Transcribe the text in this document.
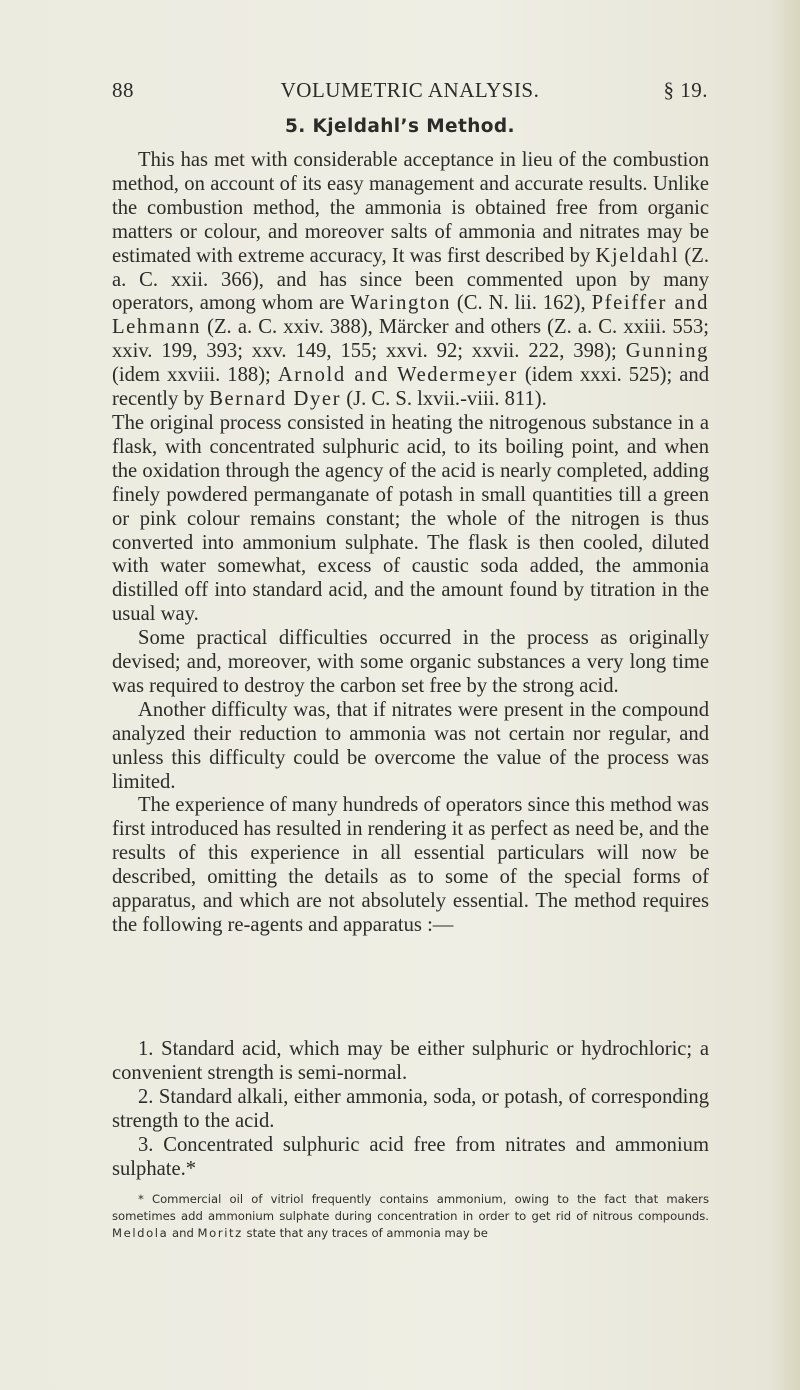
88	VOLUMETRIC ANALYSIS.	§ 19.
5. Kjeldahl’s Method.

This has met with considerable acceptance in lieu of the combustion method, on account of its easy management and accurate results. Unlike the combustion method, the ammonia is obtained free from organic matters or colour, and moreover salts of ammonia and nitrates may be estimated with extreme accuracy, It was first described by Kjeldahl (Z. a. C. xxii. 366), and has since been commented upon by many operators, among whom are Warington (C. N. lii. 162), Pfeiffer and Lehmann (Z. a. C. xxiv. 388), Märcker and others (Z. a. C. xxiii. 553; xxiv. 199, 393; xxv. 149, 155; xxvi. 92; xxvii. 222, 398); Gunning (idem xxviii. 188); Arnold and Wedermeyer (idem xxxi. 525); and recently by Bernard Dyer (J. C. S. lxvii.-viii. 811).

The original process consisted in heating the nitrogenous substance in a flask, with concentrated sulphuric acid, to its boiling point, and when the oxidation through the agency of the acid is nearly completed, adding finely powdered permanganate of potash in small quantities till a green or pink colour remains constant; the whole of the nitrogen is thus converted into ammonium sulphate. The flask is then cooled, diluted with water somewhat, excess of caustic soda added, the ammonia distilled off into standard acid, and the amount found by titration in the usual way.

Some practical difficulties occurred in the process as originally devised; and, moreover, with some organic substances a very long time was required to destroy the carbon set free by the strong acid.

Another difficulty was, that if nitrates were present in the compound analyzed their reduction to ammonia was not certain nor regular, and unless this difficulty could be overcome the value of the process was limited.

The experience of many hundreds of operators since this method was first introduced has resulted in rendering it as perfect as need be, and the results of this experience in all essential particulars will now be described, omitting the details as to some of the special forms of apparatus, and which are not absolutely essential. The method requires the following re-agents and apparatus :—

1. Standard acid, which may be either sulphuric or hydrochloric; a convenient strength is semi-normal.

2. Standard alkali, either ammonia, soda, or potash, of corresponding strength to the acid.

3. Concentrated sulphuric acid free from nitrates and ammonium sulphate.*

* Commercial oil of vitriol frequently contains ammonium, owing to the fact that makers sometimes add ammonium sulphate during concentration in order to get rid of nitrous compounds. Meldola and Moritz state that any traces of ammonia may be
